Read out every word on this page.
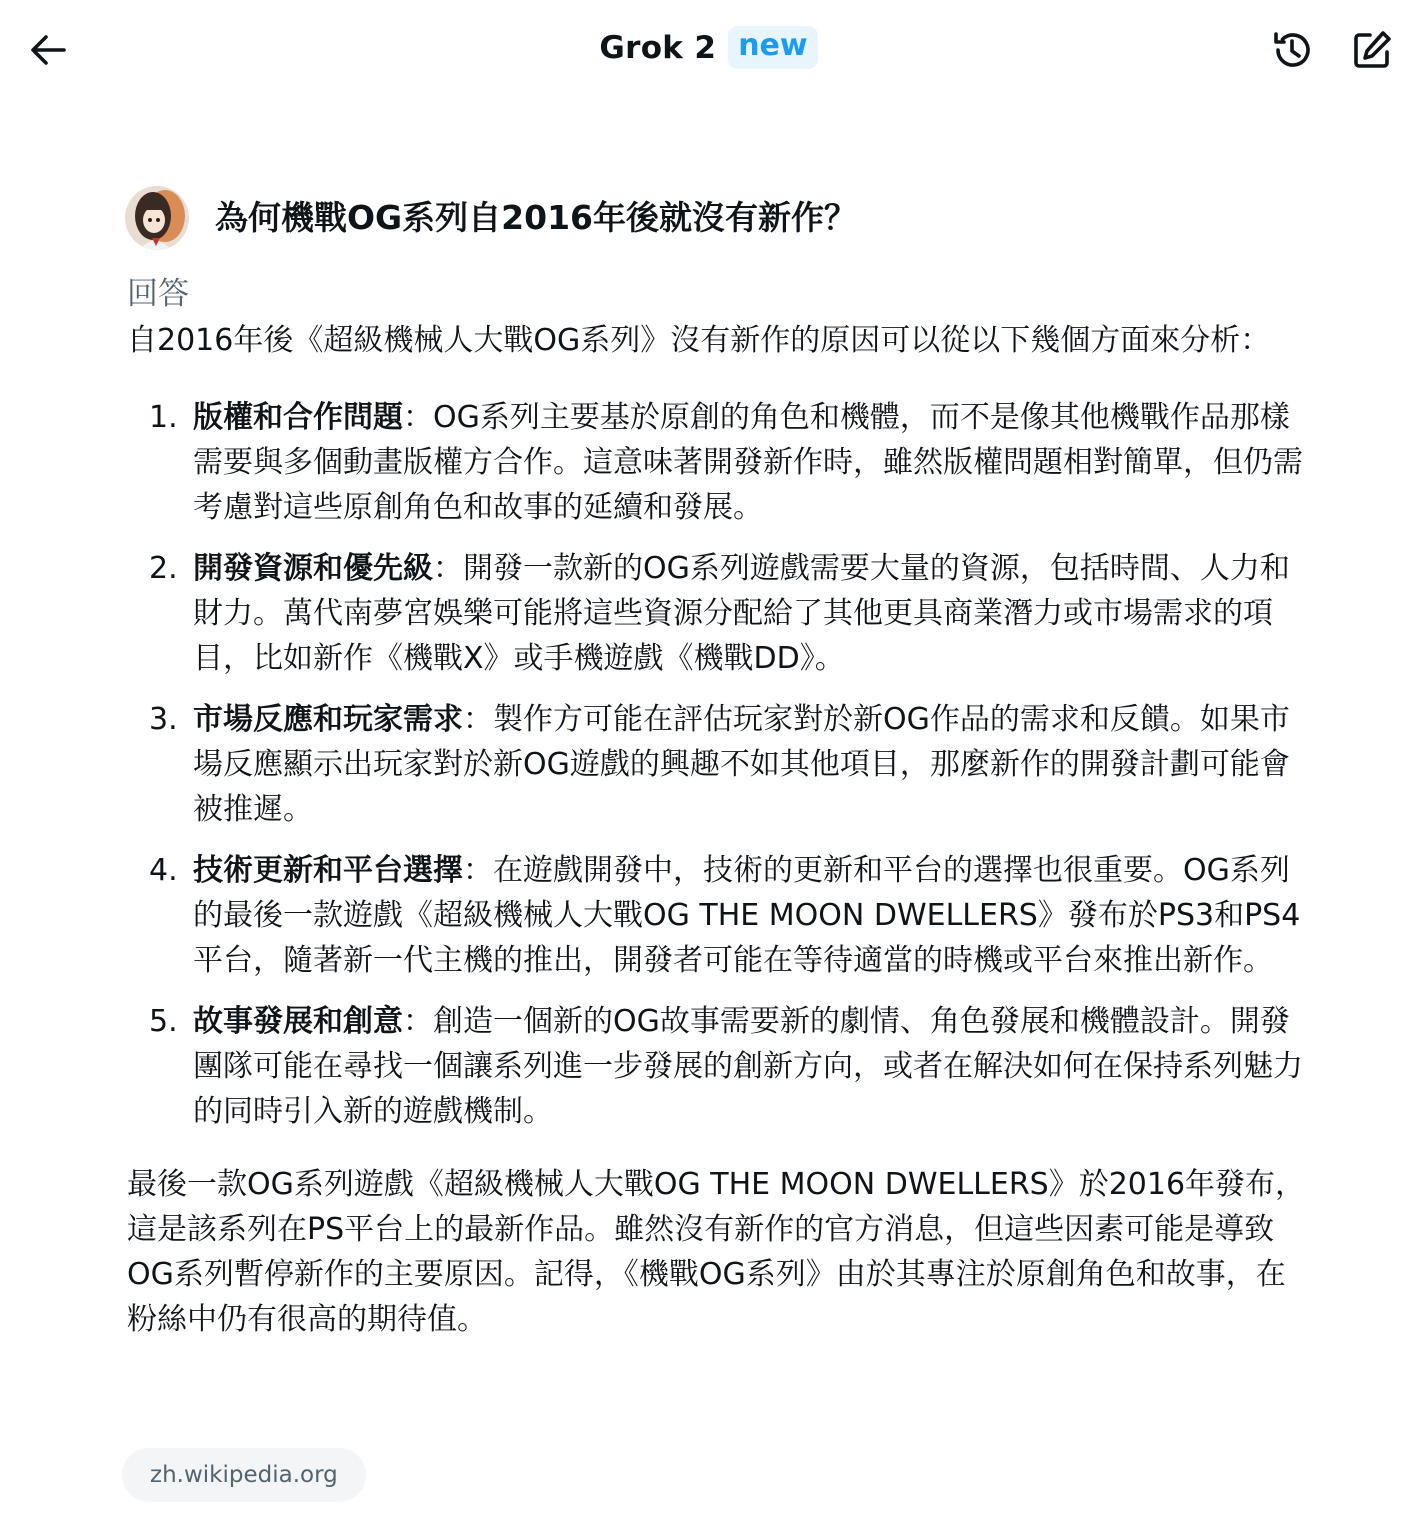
Grok 2 new
為何機戰OG系列自2016年後就沒有新作？
回答

自2016年後《超級機械人大戰OG系列》沒有新作的原因可以從以下幾個方面來分析：

1. 版權和合作問題：OG系列主要基於原創的角色和機體，而不是像其他機戰作品那樣需要與多個動畫版權方合作。這意味著開發新作時，雖然版權問題相對簡單，但仍需考慮對這些原創角色和故事的延續和發展。
2. 開發資源和優先級：開發一款新的OG系列遊戲需要大量的資源，包括時間、人力和財力。萬代南夢宮娛樂可能將這些資源分配給了其他更具商業潛力或市場需求的項目，比如新作《機戰X》或手機遊戲《機戰DD》。
3. 市場反應和玩家需求：製作方可能在評估玩家對於新OG作品的需求和反饋。如果市場反應顯示出玩家對於新OG遊戲的興趣不如其他項目，那麼新作的開發計劃可能會被推遲。
4. 技術更新和平台選擇：在遊戲開發中，技術的更新和平台的選擇也很重要。OG系列的最後一款遊戲《超級機械人大戰OG THE MOON DWELLERS》發布於PS3和PS4平台，隨著新一代主機的推出，開發者可能在等待適當的時機或平台來推出新作。
5. 故事發展和創意：創造一個新的OG故事需要新的劇情、角色發展和機體設計。開發團隊可能在尋找一個讓系列進一步發展的創新方向，或者在解決如何在保持系列魅力的同時引入新的遊戲機制。

最後一款OG系列遊戲《超級機械人大戰OG THE MOON DWELLERS》於2016年發布，這是該系列在PS平台上的最新作品。雖然沒有新作的官方消息，但這些因素可能是導致OG系列暫停新作的主要原因。記得，《機戰OG系列》由於其專注於原創角色和故事，在粉絲中仍有很高的期待值。

zh.wikipedia.org
